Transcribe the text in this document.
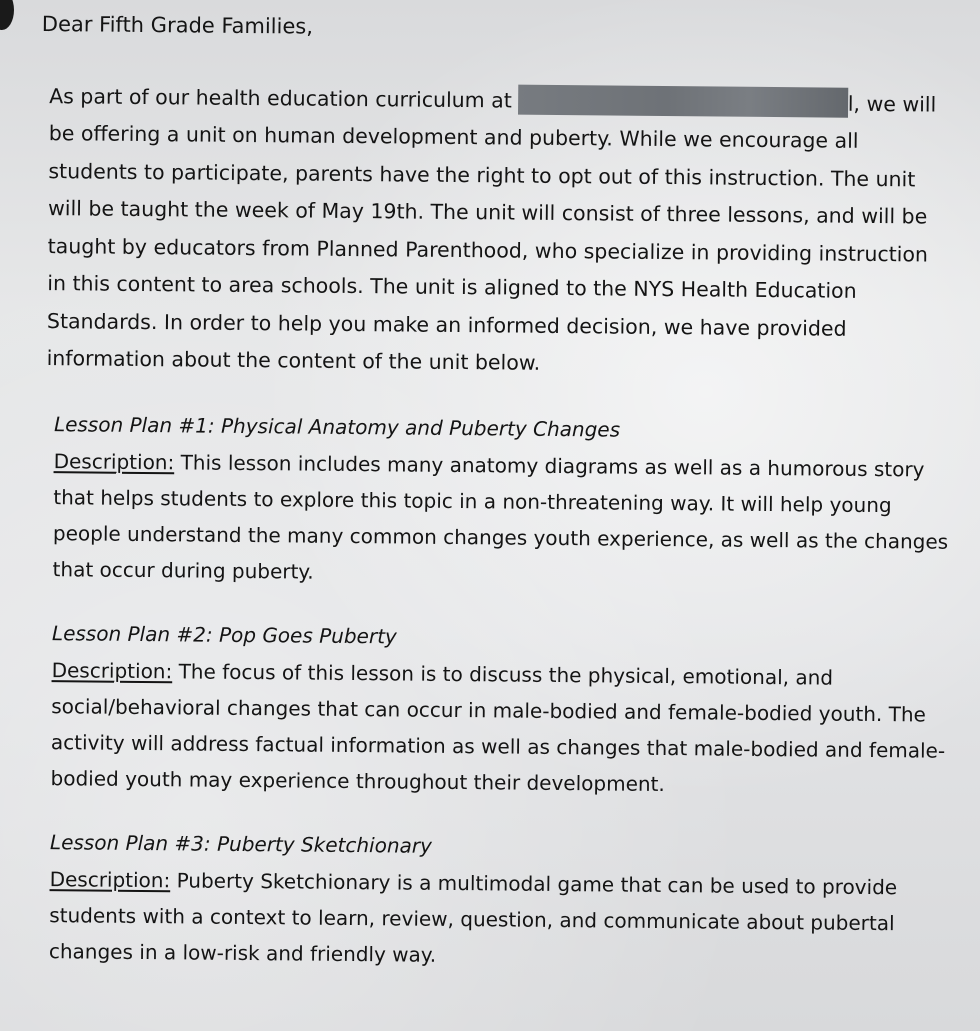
Dear Fifth Grade Families,
As part of our health education curriculum at	l, we will be offering a unit on human development and puberty. While we encourage all students to participate, parents have the right to opt out of this instruction. The unit will be taught the week of May 19th. The unit will consist of three lessons, and will be taught by educators from Planned Parenthood, who specialize in providing instruction in this content to area schools. The unit is aligned to the NYS Health Education Standards. In order to help you make an informed decision, we have provided information about the content of the unit below.
Lesson Plan #1: Physical Anatomy and Puberty Changes
Description: This lesson includes many anatomy diagrams as well as a humorous story that helps students to explore this topic in a non-threatening way. It will help young people understand the many common changes youth experience, as well as the changes that occur during puberty.
Lesson Plan #2: Pop Goes Puberty
Description: The focus of this lesson is to discuss the physical, emotional, and social/behavioral changes that can occur in male-bodied and female-bodied youth. The activity will address factual information as well as changes that male-bodied and female-bodied youth may experience throughout their development.
Lesson Plan #3: Puberty Sketchionary
Description: Puberty Sketchionary is a multimodal game that can be used to provide students with a context to learn, review, question, and communicate about pubertal changes in a low-risk and friendly way.
